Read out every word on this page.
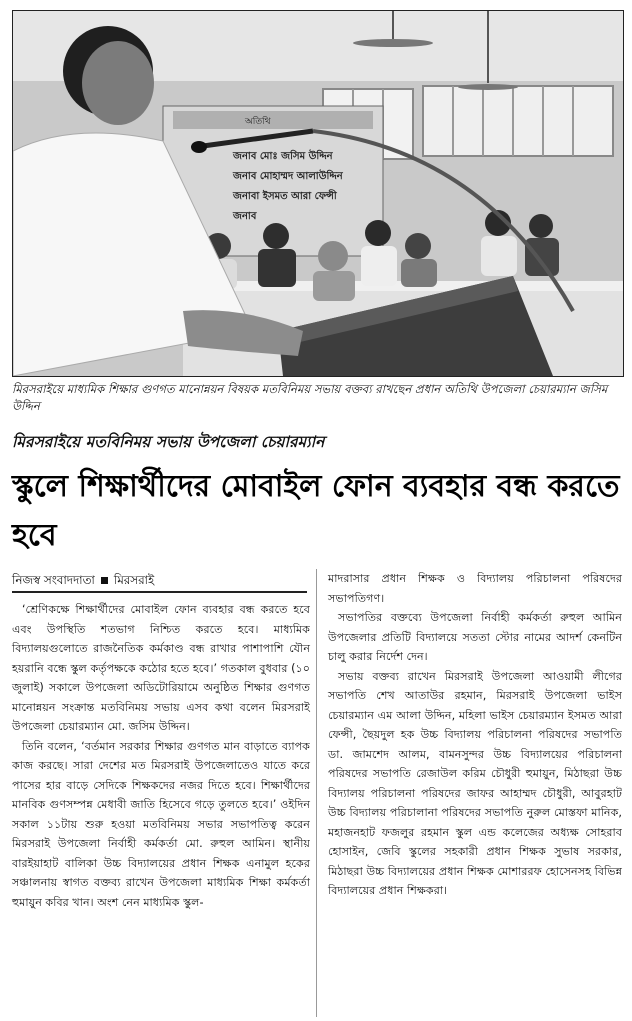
অতিথি
জনাব মোঃ জসিম উদ্দিন
জনাব মোহাম্মদ আলাউদ্দিন
জনাবা ইসমত আরা ফেন্সী
জনাব
মিরসরাইয়ে মাধ্যমিক শিক্ষার গুণগত মানোন্নয়ন বিষয়ক মতবিনিময় সভায় বক্তব্য রাখছেন প্রধান অতিথি উপজেলা চেয়ারম্যান জসিম উদ্দিন
মিরসরাইয়ে মতবিনিময় সভায় উপজেলা চেয়ারম্যান
স্কুলে শিক্ষার্থীদের মোবাইল ফোন ব্যবহার বন্ধ করতে হবে
নিজস্ব সংবাদদাতা মিরসরাই

‘শ্রেণিকক্ষে শিক্ষার্থীদের মোবাইল ফোন ব্যবহার বন্ধ করতে হবে এবং উপস্থিতি শতভাগ নিশ্চিত করতে হবে। মাধ্যমিক বিদ্যালয়গুলোতে রাজনৈতিক কর্মকাণ্ড বন্ধ রাখার পাশাপাশি যৌন হয়রানি বন্ধে স্কুল কর্তৃপক্ষকে কঠোর হতে হবে।’ গতকাল বুধবার (১০ জুলাই) সকালে উপজেলা অডিটোরিয়ামে অনুষ্ঠিত শিক্ষার গুণগত মানোন্নয়ন সংক্রান্ত মতবিনিময় সভায় এসব কথা বলেন মিরসরাই উপজেলা চেয়ারম্যান মো. জসিম উদ্দিন।

তিনি বলেন, ‘বর্তমান সরকার শিক্ষার গুণগত মান বাড়াতে ব্যাপক কাজ করছে। সারা দেশের মত মিরসরাই উপজেলাতেও যাতে করে পাসের হার বাড়ে সেদিকে শিক্ষকদের নজর দিতে হবে। শিক্ষার্থীদের মানবিক গুণসম্পন্ন মেধাবী জাতি হিসেবে গড়ে তুলতে হবে।’ ওইদিন সকাল ১১টায় শুরু হওয়া মতবিনিময় সভার সভাপতিত্ব করেন মিরসরাই উপজেলা নির্বাহী কর্মকর্তা মো. রুহুল আমিন। স্থানীয় বারইয়াহাট বালিকা উচ্চ বিদ্যালয়ের প্রধান শিক্ষক এনামুল হকের সঞ্চালনায় স্বাগত বক্তব্য রাখেন উপজেলা মাধ্যমিক শিক্ষা কর্মকর্তা হুমায়ুন কবির খান। অংশ নেন মাধ্যমিক স্কুল-

মাদরাসার প্রধান শিক্ষক ও বিদ্যালয় পরিচালনা পরিষদের সভাপতিগণ।

সভাপতির বক্তব্যে উপজেলা নির্বাহী কর্মকর্তা রুহুল আমিন উপজেলার প্রতিটি বিদ্যালয়ে সততা স্টোর নামের আদর্শ কেনটিন চালু করার নির্দেশ দেন।

সভায় বক্তব্য রাখেন মিরসরাই উপজেলা আওয়ামী লীগের সভাপতি শেখ আতাউর রহমান, মিরসরাই উপজেলা ভাইস চেয়ারম্যান এম আলা উদ্দিন, মহিলা ভাইস চেয়ারম্যান ইসমত আরা ফেন্সী, ছৈয়দুল হক উচ্চ বিদ্যালয় পরিচালনা পরিষদের সভাপতি ডা. জামশেদ আলম, বামনসুন্দর উচ্চ বিদ্যালয়ের পরিচালনা পরিষদের সভাপতি রেজাউল করিম চৌধুরী হুমায়ুন, মিঠাছরা উচ্চ বিদ্যালয় পরিচালনা পরিষদের জাফর আহাম্মদ চৌধুরী, আবুরহাট উচ্চ বিদ্যালয় পরিচালানা পরিষদের সভাপতি নুরুল মোস্তফা মানিক, মহাজনহাট ফজলুর রহমান স্কুল এন্ড কলেজের অধ্যক্ষ সোহরাব হোসাইন, জেবি স্কুলের সহকারী প্রধান শিক্ষক সুভাষ সরকার, মিঠাছরা উচ্চ বিদ্যালয়ের প্রধান শিক্ষক মোশাররফ হোসেনসহ বিভিন্ন বিদ্যালয়ের প্রধান শিক্ষকরা।
